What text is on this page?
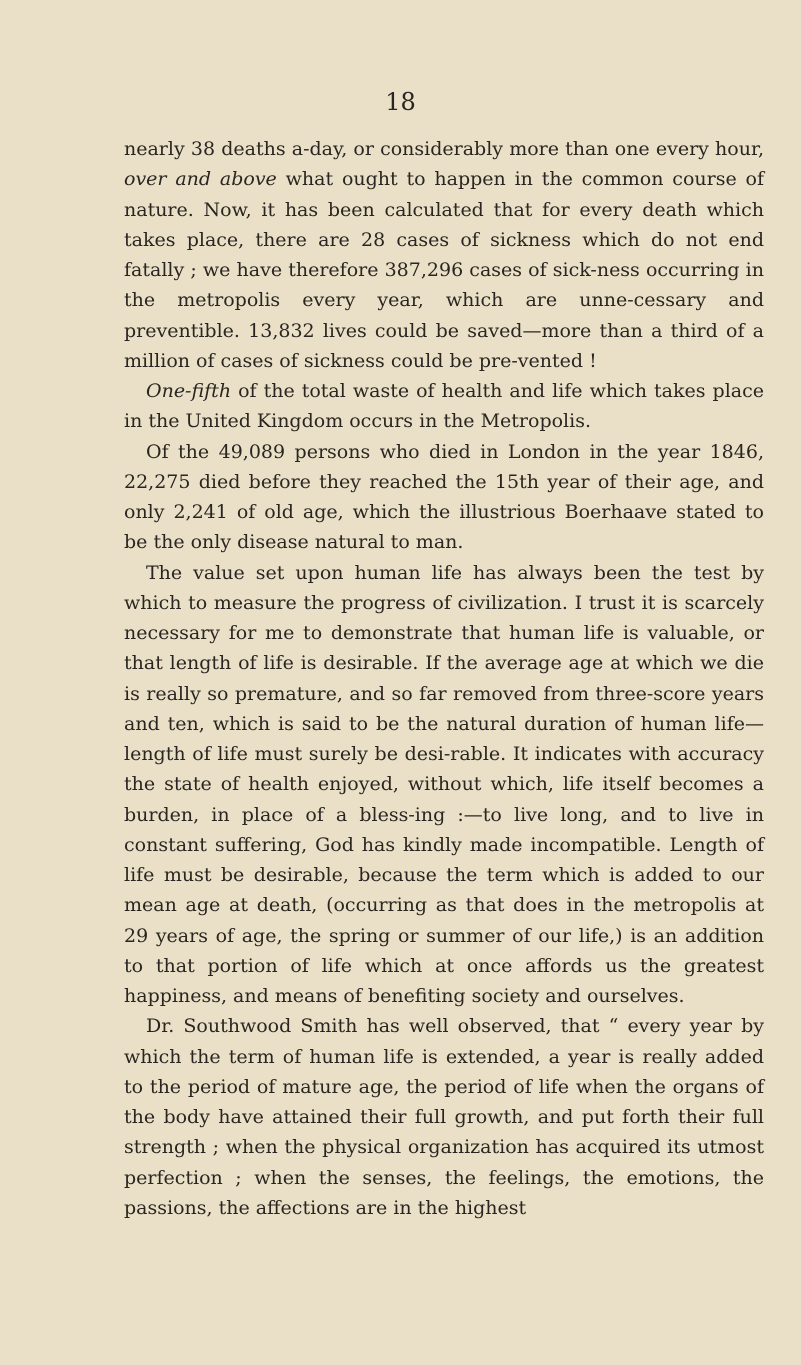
18

nearly 38 deaths a-day, or considerably more than one every hour, over and above what ought to happen in the common course of nature. Now, it has been calculated that for every death which takes place, there are 28 cases of sickness which do not end fatally ; we have therefore 387,296 cases of sick-ness occurring in the metropolis every year, which are unne-cessary and preventible. 13,832 lives could be saved—more than a third of a million of cases of sickness could be pre-vented !

One-fifth of the total waste of health and life which takes place in the United Kingdom occurs in the Metropolis.

Of the 49,089 persons who died in London in the year 1846, 22,275 died before they reached the 15th year of their age, and only 2,241 of old age, which the illustrious Boerhaave stated to be the only disease natural to man.

The value set upon human life has always been the test by which to measure the progress of civilization. I trust it is scarcely necessary for me to demonstrate that human life is valuable, or that length of life is desirable. If the average age at which we die is really so premature, and so far removed from three-score years and ten, which is said to be the natural duration of human life—length of life must surely be desi-rable. It indicates with accuracy the state of health enjoyed, without which, life itself becomes a burden, in place of a bless-ing :—to live long, and to live in constant suffering, God has kindly made incompatible. Length of life must be desirable, because the term which is added to our mean age at death, (occurring as that does in the metropolis at 29 years of age, the spring or summer of our life,) is an addition to that portion of life which at once affords us the greatest happiness, and means of benefiting society and ourselves.

Dr. Southwood Smith has well observed, that “ every year by which the term of human life is extended, a year is really added to the period of mature age, the period of life when the organs of the body have attained their full growth, and put forth their full strength ; when the physical organization has acquired its utmost perfection ; when the senses, the feelings, the emotions, the passions, the affections are in the highest
